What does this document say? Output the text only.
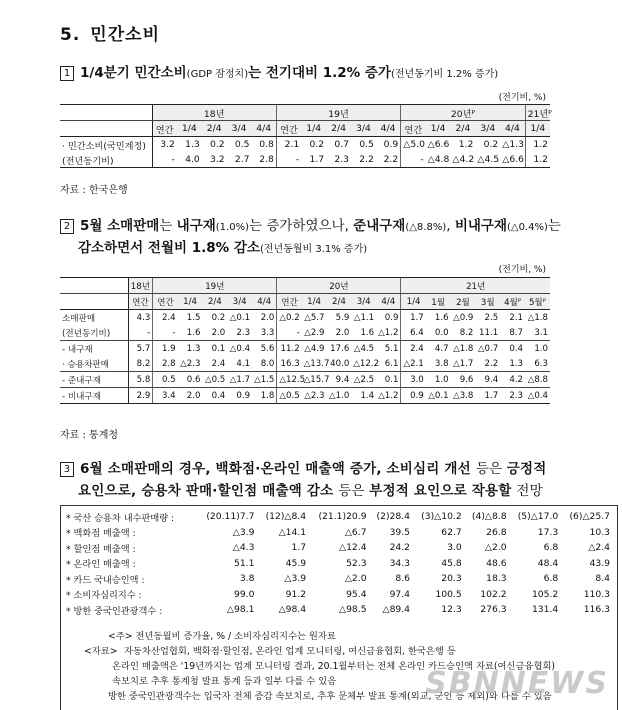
5. 민간소비
1 1/4분기 민간소비(GDP 잠정치)는 전기대비 1.2% 증가(전년동기비 1.2% 증가)
(전기비, %)
	18년					19년					20년ᴾ					21년ᴾ
	연간	1/4	2/4	3/4	4/4	연간	1/4	2/4	3/4	4/4	연간	1/4	2/4	3/4	4/4	1/4
· 민간소비(국민계정)	3.2	1.3	0.2	0.5	0.8	2.1	0.2	0.7	0.5	0.9	△5.0	△6.6	1.2	0.2	△1.3	1.2
(전년동기비)	-	4.0	3.2	2.7	2.8	-	1.7	2.3	2.2	2.2	-	△4.8	△4.2	△4.5	△6.6	1.2
자료 : 한국은행
2 5월 소매판매는 내구재(1.0%)는 증가하였으나, 준내구재(△8.8%), 비내구재(△0.4%)는
감소하면서 전월비 1.8% 감소(전년동월비 3.1% 증가)
(전기비, %)
	18년	19년					20년					21년					
	연간	연간	1/4	2/4	3/4	4/4	연간	1/4	2/4	3/4	4/4	1/4	1월	2월	3월	4월ᴾ	5월ᴾ
소매판매	4.3	2.4	1.5	0.2	△0.1	2.0	△0.2	△5.7	5.9	△1.1	0.9	1.7	1.6	△0.9	2.5	2.1	△1.8
(전년동기비)	-	-	1.6	2.0	2.3	3.3	-	△2.9	2.0	1.6	△1.2	6.4	0.0	8.2	11.1	8.7	3.1
- 내구재	5.7	1.9	1.3	0.1	△0.4	5.6	11.2	△4.9	17.6	△4.5	5.1	2.4	4.7	△1.8	△0.7	0.4	1.0
· 승용차판매	8.2	2.8	△2.3	2.4	4.1	8.0	16.3	△13.7	40.0	△12.2	6.1	△2.1	3.8	△1.7	2.2	1.3	6.3
- 준내구재	5.8	0.5	0.6	△0.5	△1.7	△1.5	△12.5	△15.7	9.4	△2.5	0.1	3.0	1.0	9.6	9.4	4.2	△8.8
- 비내구재	2.9	3.4	2.0	0.4	0.9	1.8	△0.5	△2.3	△1.0	1.4	△1.2	0.9	△0.1	△3.8	1.7	2.3	△0.4
자료 : 통계청
3 6월 소매판매의 경우, 백화점·온라인 매출액 증가, 소비심리 개선 등은 긍정적
요인으로, 승용차 판매·할인점 매출액 감소 등은 부정적 요인으로 작용할 전망
* 국산 승용차 내수판매량 :	(20.11)7.7	(12)△8.4	(21.1)20.9	(2)28.4	(3)△10.2	(4)△8.8	(5)△17.0	(6)△25.7
* 백화점 매출액 :	△3.9	△14.1	△6.7	39.5	62.7	26.8	17.3	10.3
* 할인점 매출액 :	△4.3	1.7	△12.4	24.2	3.0	△2.0	6.8	△2.4
* 온라인 매출액 :	51.1	45.9	52.3	34.3	45.8	48.6	48.4	43.9
* 카드 국내승인액 :	3.8	△3.9	△2.0	8.6	20.3	18.3	6.8	8.4
* 소비자심리지수 :	99.0	91.2	95.4	97.4	100.5	102.2	105.2	110.3
* 방한 중국인관광객수 :	△98.1	△98.4	△98.5	△89.4	12.3	276.3	131.4	116.3
<주> 전년동월비 증가율, % / 소비자심리지수는 원자료
<자료> 자동차산업협회, 백화점·할인점, 온라인 업계 모니터링, 여신금융협회, 한국은행 등
온라인 매출액은 '19년까지는 업계 모니터링 결과, 20.1월부터는 전체 온라인 카드승인액 자료(여신금융협회)
속보치로 추후 통계청 발표 통계 등과 일부 다를 수 있음
방한 중국인관광객수는 입국자 전체 증감 속보치로, 추후 문체부 발표 통계(외교, 군인 등 제외)와 다를 수 있음
SBNNEWS
